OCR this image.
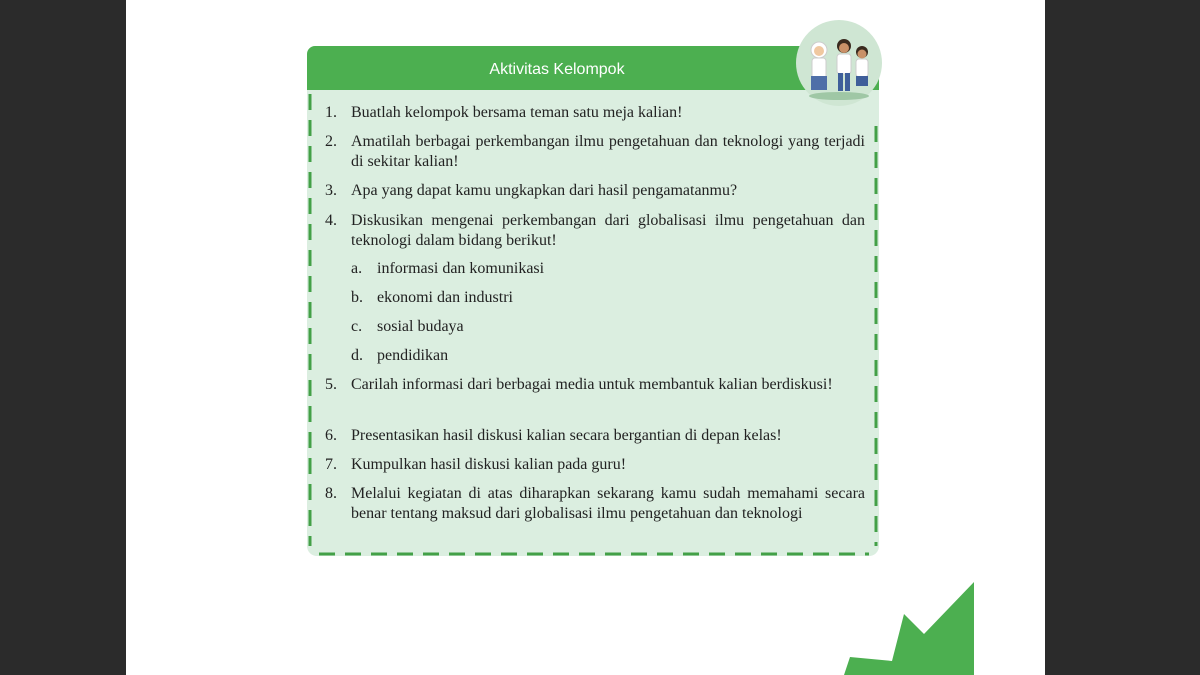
Aktivitas Kelompok
1. Buatlah kelompok bersama teman satu meja kalian!
2. Amatilah berbagai perkembangan ilmu pengetahuan dan teknologi yang terjadi di sekitar kalian!
3. Apa yang dapat kamu ungkapkan dari hasil pengamatanmu?
4. Diskusikan mengenai perkembangan dari globalisasi ilmu pengetahuan dan teknologi dalam bidang berikut!
a. informasi dan komunikasi
b. ekonomi dan industri
c. sosial budaya
d. pendidikan
5. Carilah informasi dari berbagai media untuk membantuk kalian berdiskusi!
6. Presentasikan hasil diskusi kalian secara bergantian di depan kelas!
7. Kumpulkan hasil diskusi kalian pada guru!
8. Melalui kegiatan di atas diharapkan sekarang kamu sudah memahami secara benar tentang maksud dari globalisasi ilmu pengetahuan dan teknologi
